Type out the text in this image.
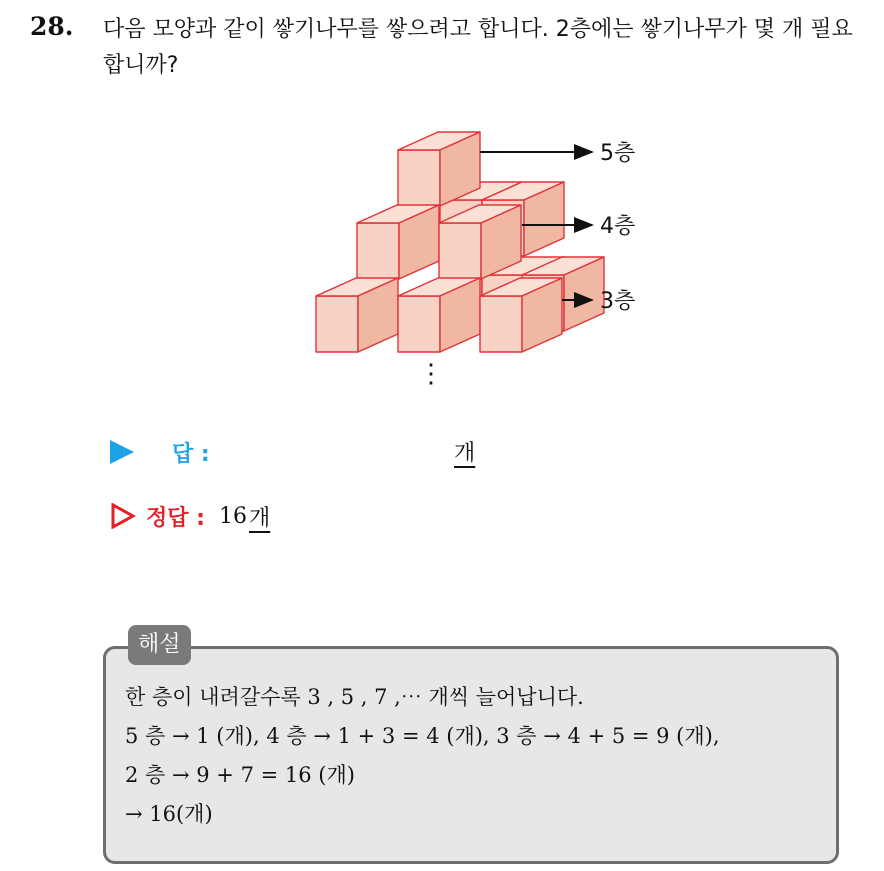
28. 다음 모양과 같이 쌓기나무를 쌓으려고 합니다. 2층에는 쌓기나무가 몇 개 필요합니까?
5층
4층
3층
⋮
답 :	개
정답 : 16 개
해설
한 층이 내려갈수록 3 , 5 , 7 ,⋯ 개씩 늘어납니다.
5 층 → 1 (개), 4 층 → 1 + 3 = 4 (개), 3 층 → 4 + 5 = 9 (개),
2 층 → 9 + 7 = 16 (개)
→ 16(개)
